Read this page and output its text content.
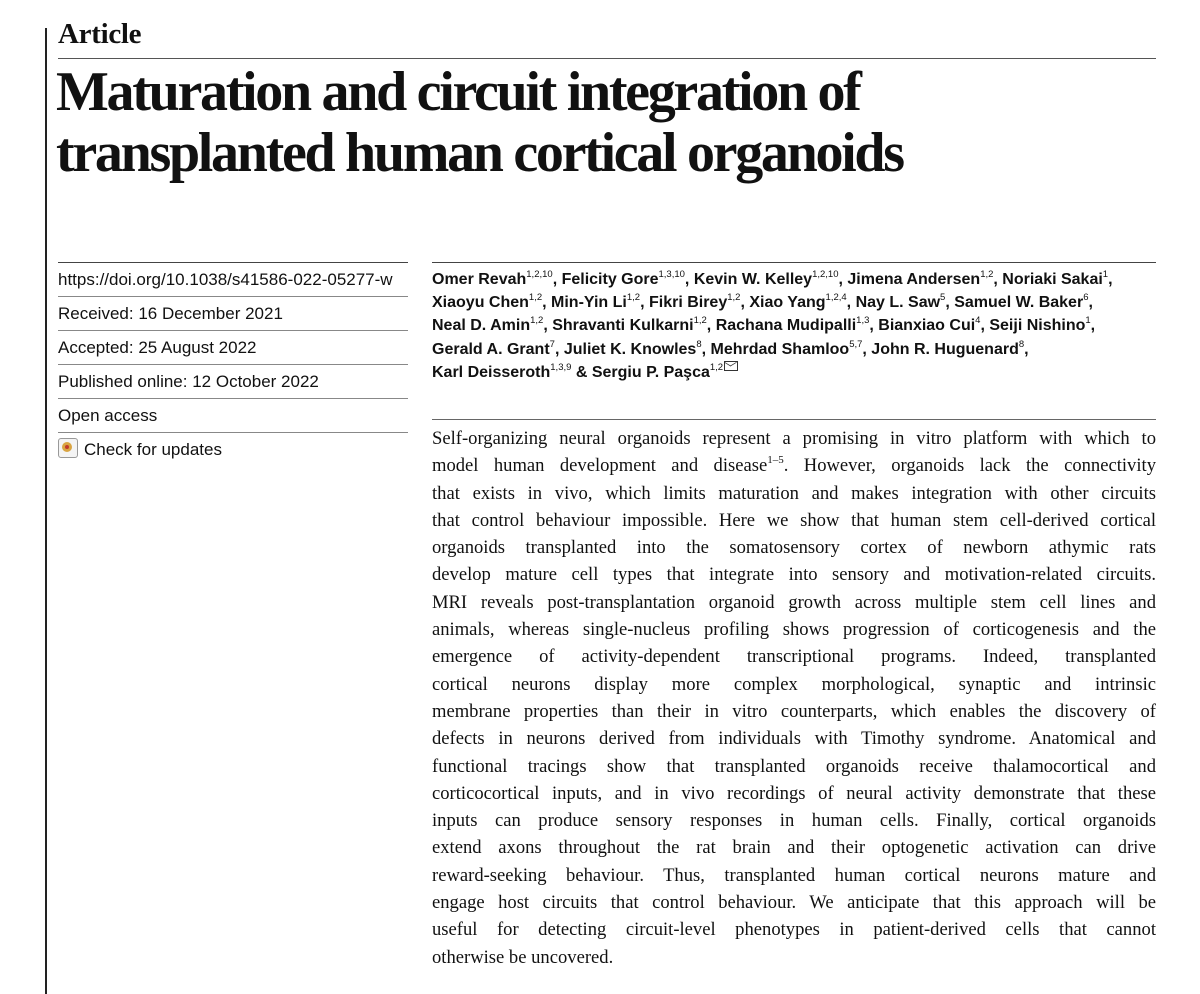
Article
Maturation and circuit integration of
transplanted human cortical organoids
https://doi.org/10.1038/s41586-022-05277-w
Received: 16 December 2021
Accepted: 25 August 2022
Published online: 12 October 2022
Open access
Check for updates
Omer Revah$^{1,2,10}$, Felicity Gore$^{1,3,10}$, Kevin W. Kelley$^{1,2,10}$, Jimena Andersen$^{1,2}$, Noriaki Sakai$^1$,
Xiaoyu Chen$^{1,2}$, Min-Yin Li$^{1,2}$, Fikri Birey$^{1,2}$, Xiao Yang$^{1,2,4}$, Nay L. Saw$^5$, Samuel W. Baker$^6$,
Neal D. Amin$^{1,2}$, Shravanti Kulkarni$^{1,2}$, Rachana Mudipalli$^{1,3}$, Bianxiao Cui$^4$, Seiji Nishino$^1$,
Gerald A. Grant$^7$, Juliet K. Knowles$^8$, Mehrdad Shamloo$^{5,7}$, John R. Huguenard$^8$,
Karl Deisseroth$^{1,3,9}$ & Sergiu P. Paşca$^{1,2}$
Self-organizing neural organoids represent a promising in vitro platform with which to
model human development and disease$^{1-5}$. However, organoids lack the connectivity
that exists in vivo, which limits maturation and makes integration with other circuits
that control behaviour impossible. Here we show that human stem cell-derived cortical
organoids transplanted into the somatosensory cortex of newborn athymic rats
develop mature cell types that integrate into sensory and motivation-related circuits.
MRI reveals post-transplantation organoid growth across multiple stem cell lines and
animals, whereas single-nucleus profiling shows progression of corticogenesis and the
emergence of activity-dependent transcriptional programs. Indeed, transplanted
cortical neurons display more complex morphological, synaptic and intrinsic
membrane properties than their in vitro counterparts, which enables the discovery of
defects in neurons derived from individuals with Timothy syndrome. Anatomical and
functional tracings show that transplanted organoids receive thalamocortical and
corticocortical inputs, and in vivo recordings of neural activity demonstrate that these
inputs can produce sensory responses in human cells. Finally, cortical organoids
extend axons throughout the rat brain and their optogenetic activation can drive
reward-seeking behaviour. Thus, transplanted human cortical neurons mature and
engage host circuits that control behaviour. We anticipate that this approach will be
useful for detecting circuit-level phenotypes in patient-derived cells that cannot
otherwise be uncovered.
